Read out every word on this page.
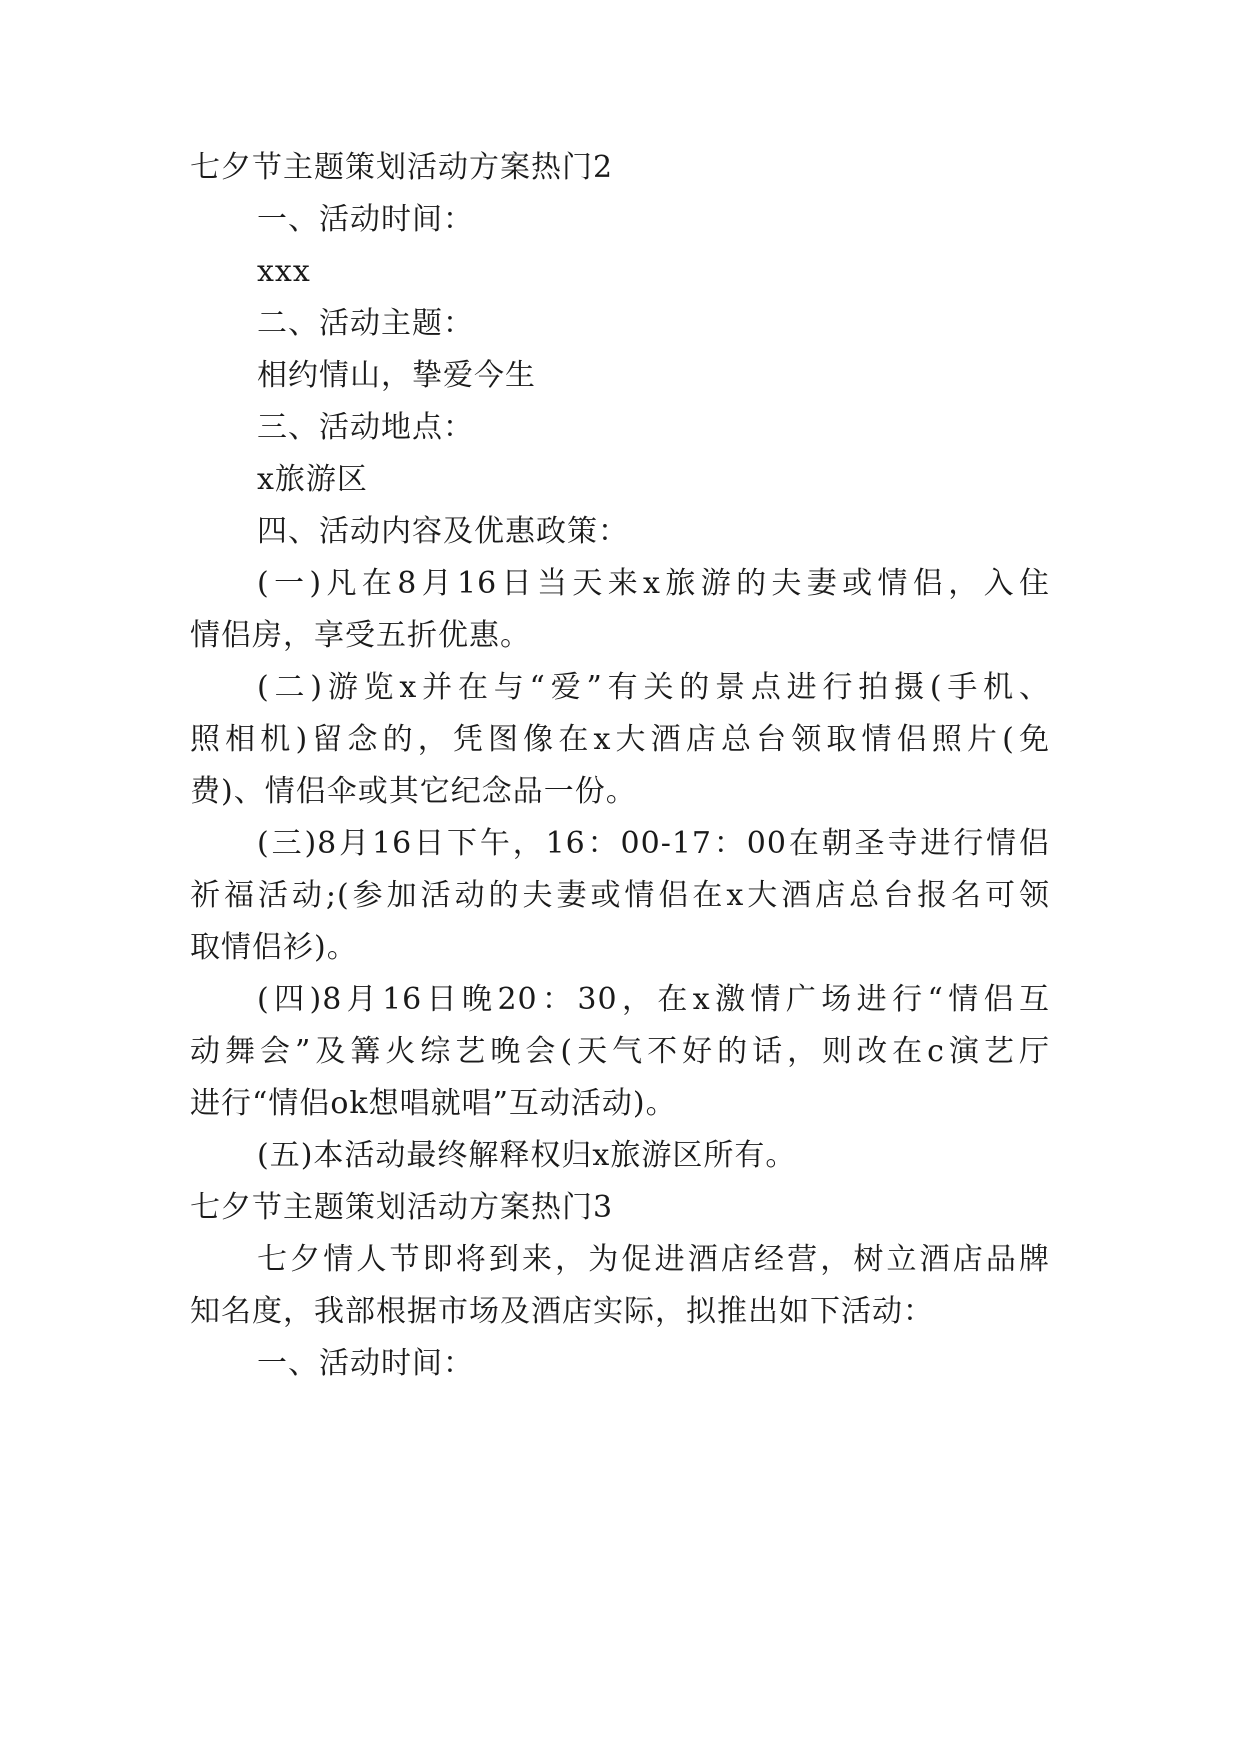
七夕节主题策划活动方案热门2
一、活动时间：
xxx
二、活动主题：
相约情山，挚爱今生
三、活动地点：
x旅游区
四、活动内容及优惠政策：
(一)凡在8月16日当天来x旅游的夫妻或情侣，入住
情侣房，享受五折优惠。
(二)游览x并在与“爱”有关的景点进行拍摄(手机、
照相机)留念的，凭图像在x大酒店总台领取情侣照片(免
费)、情侣伞或其它纪念品一份。
(三)8月16日下午，16：00-17：00在朝圣寺进行情侣
祈福活动;(参加活动的夫妻或情侣在x大酒店总台报名可领
取情侣衫)。
(四)8月16日晚20：30，在x激情广场进行“情侣互
动舞会”及篝火综艺晚会(天气不好的话，则改在c演艺厅
进行“情侣ok想唱就唱”互动活动)。
(五)本活动最终解释权归x旅游区所有。
七夕节主题策划活动方案热门3
七夕情人节即将到来，为促进酒店经营，树立酒店品牌
知名度，我部根据市场及酒店实际，拟推出如下活动：
一、活动时间：
